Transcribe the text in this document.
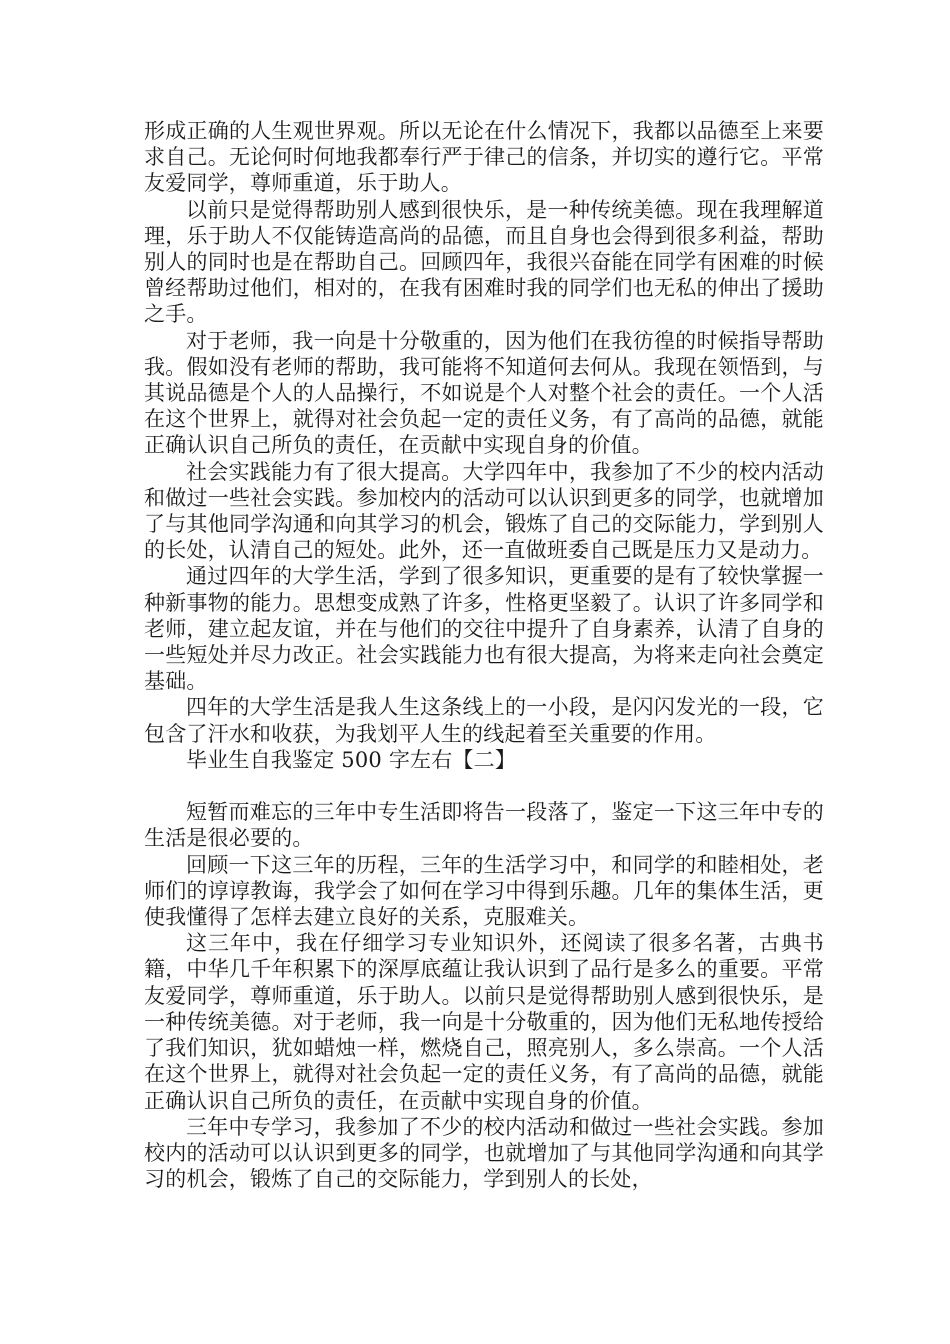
形成正确的人生观世界观。所以无论在什么情况下，我都以品德至上来要求自己。无论何时何地我都奉行严于律己的信条，并切实的遵行它。平常友爱同学，尊师重道，乐于助人。

以前只是觉得帮助别人感到很快乐，是一种传统美德。现在我理解道理，乐于助人不仅能铸造高尚的品德，而且自身也会得到很多利益，帮助别人的同时也是在帮助自己。回顾四年，我很兴奋能在同学有困难的时候曾经帮助过他们，相对的，在我有困难时我的同学们也无私的伸出了援助之手。

对于老师，我一向是十分敬重的，因为他们在我彷徨的时候指导帮助我。假如没有老师的帮助，我可能将不知道何去何从。我现在领悟到，与其说品德是个人的人品操行，不如说是个人对整个社会的责任。一个人活在这个世界上，就得对社会负起一定的责任义务，有了高尚的品德，就能正确认识自己所负的责任，在贡献中实现自身的价值。

社会实践能力有了很大提高。大学四年中，我参加了不少的校内活动和做过一些社会实践。参加校内的活动可以认识到更多的同学，也就增加了与其他同学沟通和向其学习的机会，锻炼了自己的交际能力，学到别人的长处，认清自己的短处。此外，还一直做班委自己既是压力又是动力。

通过四年的大学生活，学到了很多知识，更重要的是有了较快掌握一种新事物的能力。思想变成熟了许多，性格更坚毅了。认识了许多同学和老师，建立起友谊，并在与他们的交往中提升了自身素养，认清了自身的一些短处并尽力改正。社会实践能力也有很大提高，为将来走向社会奠定基础。

四年的大学生活是我人生这条线上的一小段，是闪闪发光的一段，它包含了汗水和收获，为我划平人生的线起着至关重要的作用。

毕业生自我鉴定 500 字左右【二】

短暂而难忘的三年中专生活即将告一段落了，鉴定一下这三年中专的生活是很必要的。

回顾一下这三年的历程，三年的生活学习中，和同学的和睦相处，老师们的谆谆教诲，我学会了如何在学习中得到乐趣。几年的集体生活，更使我懂得了怎样去建立良好的关系，克服难关。

这三年中，我在仔细学习专业知识外，还阅读了很多名著，古典书籍，中华几千年积累下的深厚底蕴让我认识到了品行是多么的重要。平常友爱同学，尊师重道，乐于助人。以前只是觉得帮助别人感到很快乐，是一种传统美德。对于老师，我一向是十分敬重的，因为他们无私地传授给了我们知识，犹如蜡烛一样，燃烧自己，照亮别人，多么崇高。一个人活在这个世界上，就得对社会负起一定的责任义务，有了高尚的品德，就能正确认识自己所负的责任，在贡献中实现自身的价值。

三年中专学习，我参加了不少的校内活动和做过一些社会实践。参加校内的活动可以认识到更多的同学，也就增加了与其他同学沟通和向其学习的机会，锻炼了自己的交际能力，学到别人的长处，
